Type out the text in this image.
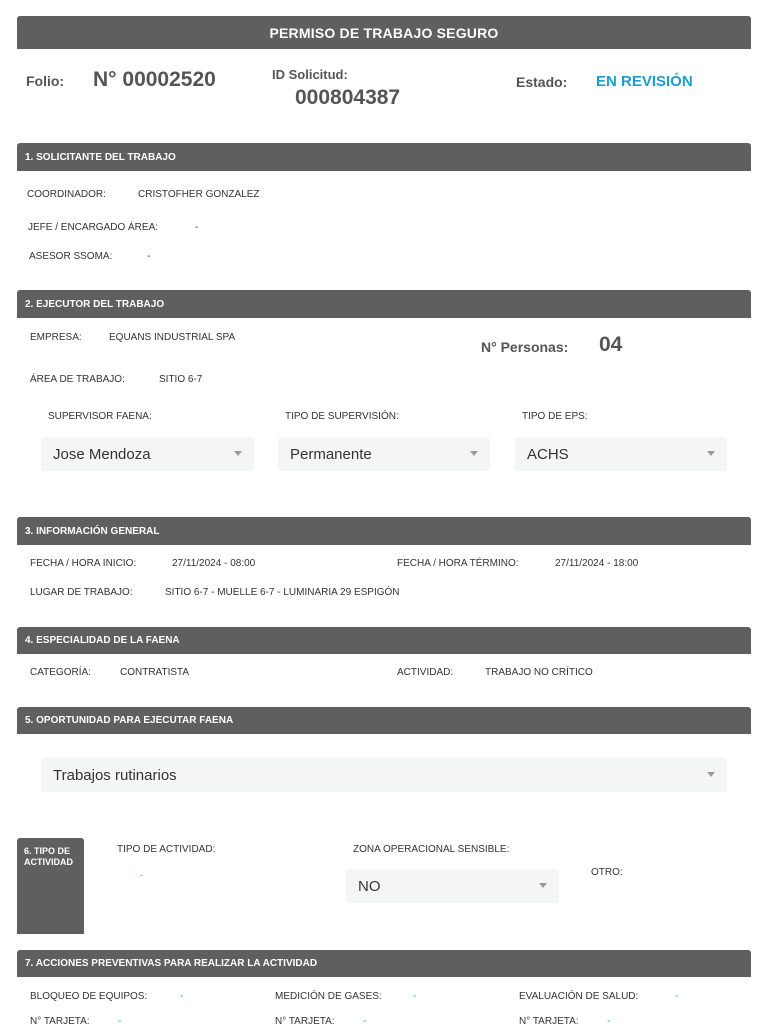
PERMISO DE TRABAJO SEGURO
Folio: N° 00002520	ID Solicitud:
000804387
Estado: EN REVISIÓN
1. SOLICITANTE DEL TRABAJO
COORDINADOR:	CRISTOFHER GONZALEZ
JEFE / ENCARGADO ÁREA:	-
ASESOR SSOMA:	-
2. EJECUTOR DEL TRABAJO
EMPRESA:	EQUANS INDUSTRIAL SPA
N° Personas: 04
ÁREA DE TRABAJO:	SITIO 6-7
SUPERVISOR FAENA:	TIPO DE SUPERVISIÓN:	TIPO DE EPS:
Jose Mendoza	Permanente	ACHS
3. INFORMACIÓN GENERAL
FECHA / HORA INICIO:	27/11/2024 - 08:00	FECHA / HORA TÉRMINO:	27/11/2024 - 18:00
LUGAR DE TRABAJO:	SITIO 6-7 - MUELLE 6-7 - LUMINARIA 29 ESPIGÓN
4. ESPECIALIDAD DE LA FAENA
CATEGORÍA:	CONTRATISTA	ACTIVIDAD:	TRABAJO NO CRÍTICO
5. OPORTUNIDAD PARA EJECUTAR FAENA
Trabajos rutinarios
6. TIPO DE ACTIVIDAD
TIPO DE ACTIVIDAD:
-
ZONA OPERACIONAL SENSIBLE:
NO
OTRO:
7. ACCIONES PREVENTIVAS PARA REALIZAR LA ACTIVIDAD
BLOQUEO DE EQUIPOS:	-	MEDICIÓN DE GASES:	-	EVALUACIÓN DE SALUD:	-
N° TARJETA:	-	N° TARJETA:	-	N° TARJETA:	-
